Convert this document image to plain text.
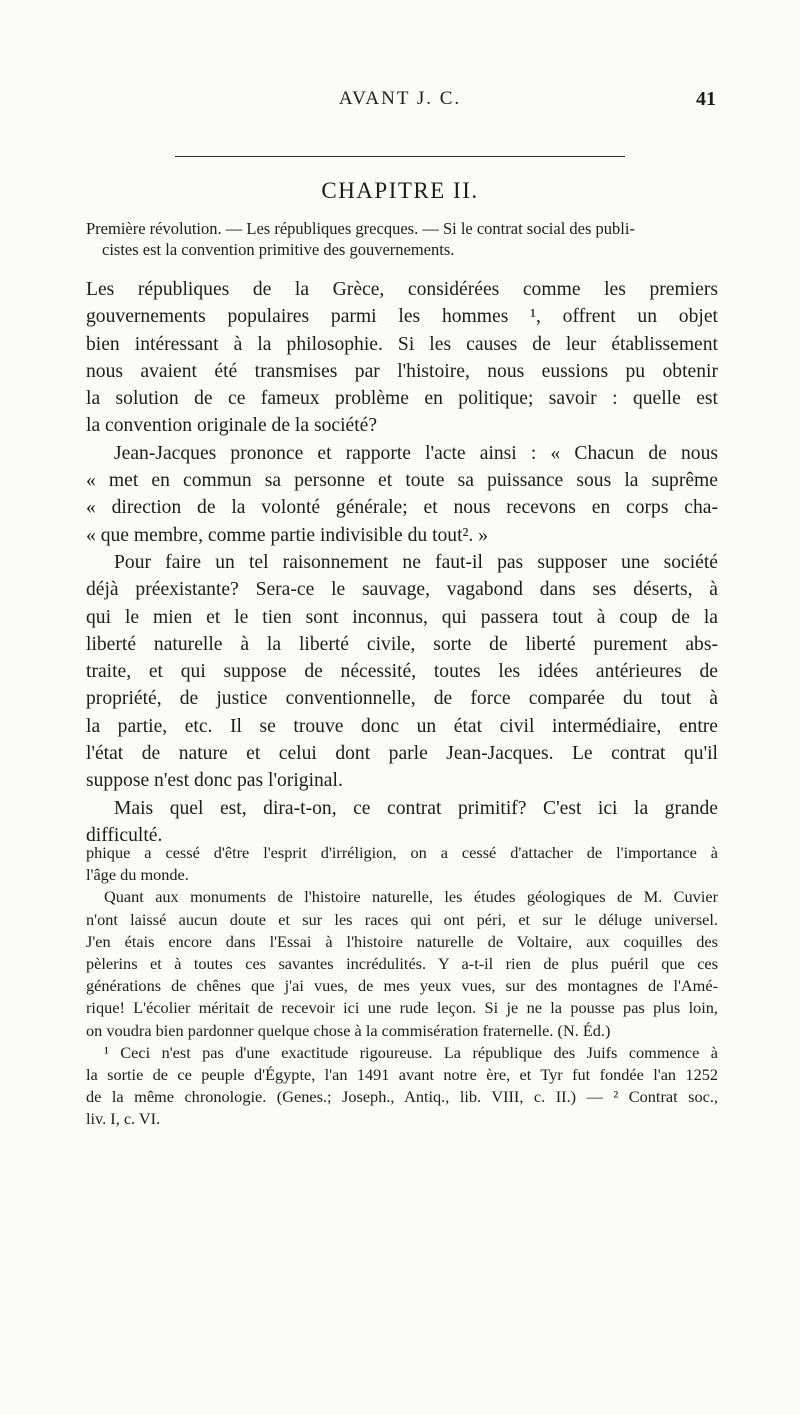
AVANT J. C.	41
CHAPITRE II.
Première révolution. — Les républiques grecques. — Si le contrat social des publi-
cistes est la convention primitive des gouvernements.
Les républiques de la Grèce, considérées comme les premiers
gouvernements populaires parmi les hommes ¹, offrent un objet
bien intéressant à la philosophie. Si les causes de leur établissement
nous avaient été transmises par l'histoire, nous eussions pu obtenir
la solution de ce fameux problème en politique; savoir : quelle est
la convention originale de la société?
Jean-Jacques prononce et rapporte l'acte ainsi : « Chacun de nous
« met en commun sa personne et toute sa puissance sous la suprême
« direction de la volonté générale; et nous recevons en corps cha-
« que membre, comme partie indivisible du tout². »
Pour faire un tel raisonnement ne faut-il pas supposer une société
déjà préexistante? Sera-ce le sauvage, vagabond dans ses déserts, à
qui le mien et le tien sont inconnus, qui passera tout à coup de la
liberté naturelle à la liberté civile, sorte de liberté purement abs-
traite, et qui suppose de nécessité, toutes les idées antérieures de
propriété, de justice conventionnelle, de force comparée du tout à
la partie, etc. Il se trouve donc un état civil intermédiaire, entre
l'état de nature et celui dont parle Jean-Jacques. Le contrat qu'il
suppose n'est donc pas l'original.
Mais quel est, dira-t-on, ce contrat primitif? C'est ici la grande
difficulté.
phique a cessé d'être l'esprit d'irréligion, on a cessé d'attacher de l'importance à
l'âge du monde.
Quant aux monuments de l'histoire naturelle, les études géologiques de M. Cuvier
n'ont laissé aucun doute et sur les races qui ont péri, et sur le déluge universel.
J'en étais encore dans l'Essai à l'histoire naturelle de Voltaire, aux coquilles des
pèlerins et à toutes ces savantes incrédulités. Y a-t-il rien de plus puéril que ces
générations de chênes que j'ai vues, de mes yeux vues, sur des montagnes de l'Amé-
rique! L'écolier méritait de recevoir ici une rude leçon. Si je ne la pousse pas plus loin,
on voudra bien pardonner quelque chose à la commisération fraternelle. (N. Éd.)
¹ Ceci n'est pas d'une exactitude rigoureuse. La république des Juifs commence à
la sortie de ce peuple d'Égypte, l'an 1491 avant notre ère, et Tyr fut fondée l'an 1252
de la même chronologie. (Genes.; Joseph., Antiq., lib. VIII, c. II.) — ² Contrat soc.,
liv. I, c. VI.
